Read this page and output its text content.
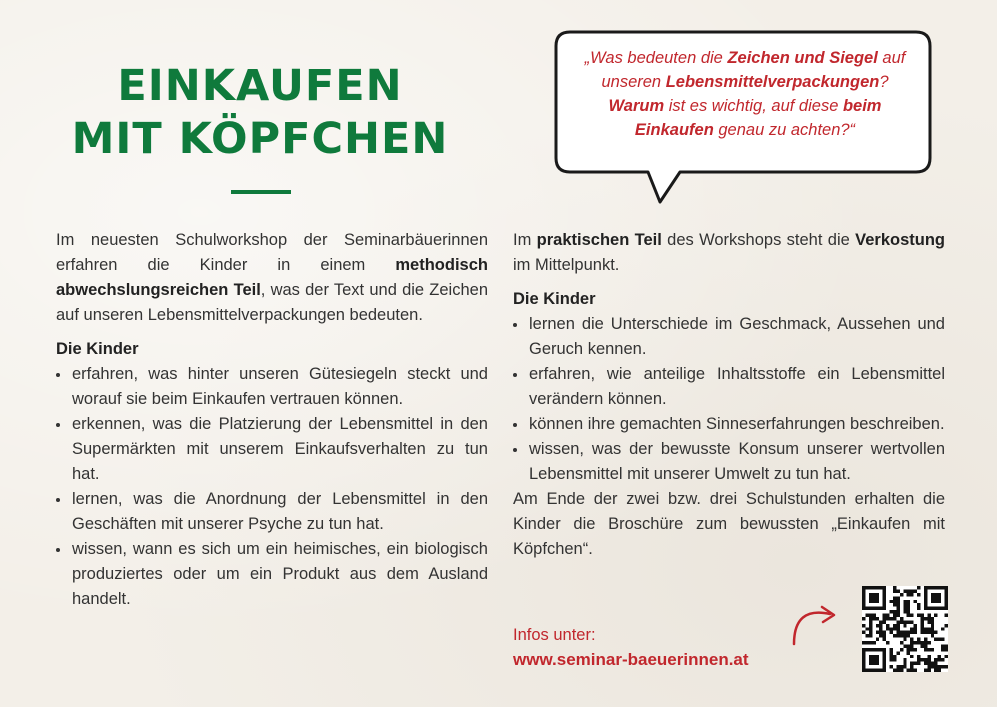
EINKAUFEN
MIT KÖPFCHEN
„Was bedeuten die Zeichen und Siegel auf unseren Lebensmittelverpackungen? Warum ist es wichtig, auf diese beim Einkaufen genau zu achten?“

Im neuesten Schulworkshop der Seminarbäuerinnen erfahren die Kinder in einem methodisch abwechslungsreichen Teil, was der Text und die Zeichen auf unseren Lebensmittelverpackungen bedeuten.

Die Kinder

erfahren, was hinter unseren Gütesiegeln steckt und worauf sie beim Einkaufen vertrauen können.
erkennen, was die Platzierung der Lebensmittel in den Supermärkten mit unserem Einkaufsverhalten zu tun hat.
lernen, was die Anordnung der Lebensmittel in den Geschäften mit unserer Psyche zu tun hat.
wissen, wann es sich um ein heimisches, ein biologisch produziertes oder um ein Produkt aus dem Ausland handelt.

Im praktischen Teil des Workshops steht die Verkostung im Mittelpunkt.

Die Kinder

lernen die Unterschiede im Geschmack, Aussehen und Geruch kennen.
erfahren, wie anteilige Inhaltsstoffe ein Lebensmittel verändern können.
können ihre gemachten Sinneserfahrungen beschreiben.
wissen, was der bewusste Konsum unserer wertvollen Lebensmittel mit unserer Umwelt zu tun hat.

Am Ende der zwei bzw. drei Schulstunden erhalten die Kinder die Broschüre zum bewussten „Einkaufen mit Köpfchen“.

Infos unter:
www.seminar-baeuerinnen.at
